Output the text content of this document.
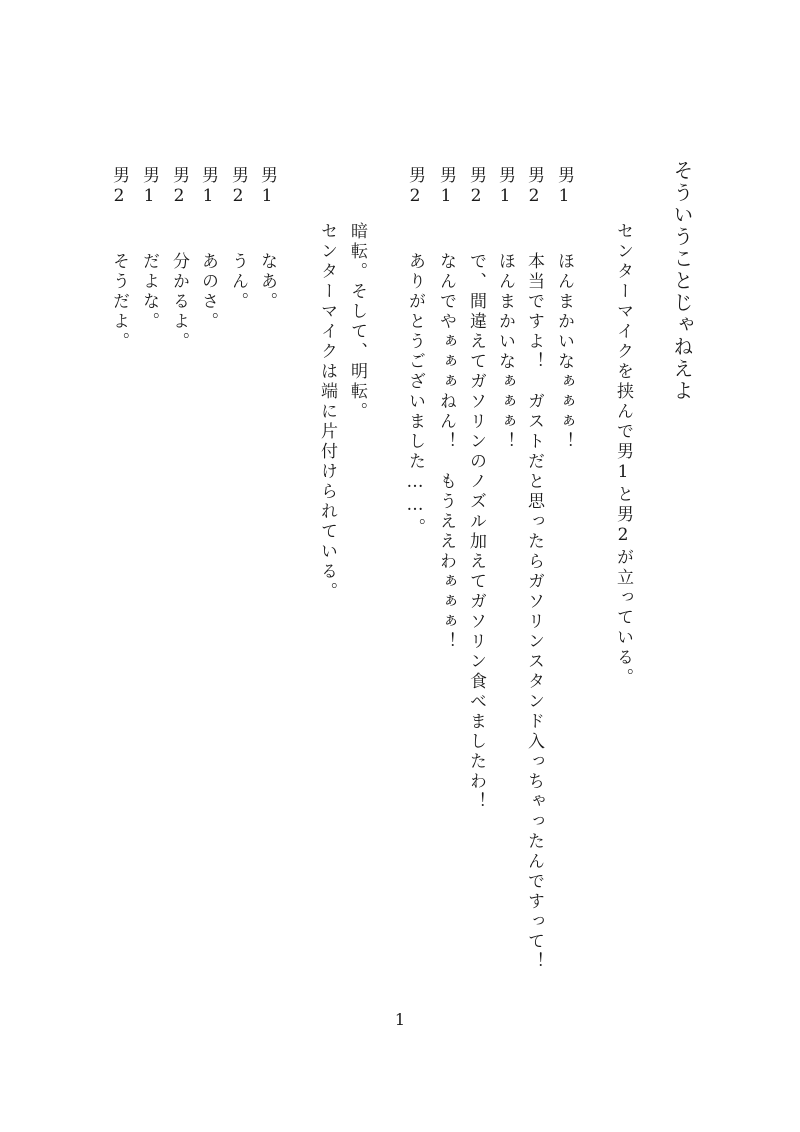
そういうことじゃねえよ
センターマイクを挟んで男1と男2が立っている。
男1ほんまかいなぁぁぁ！
男2本当ですよ！　ガストだと思ったらガソリンスタンド入っちゃったんですって！
男1ほんまかいなぁぁぁ！
男2で、間違えてガソリンのノズル加えてガソリン食べましたわ！
男1なんでやぁぁぁねん！　もうええわぁぁぁ！
男2ありがとうございました……。
暗転。そして、明転。
センターマイクは端に片付けられている。
男1なあ。
男2うん。
男1あのさ。
男2分かるよ。
男1だよな。
男2そうだよ。
1
